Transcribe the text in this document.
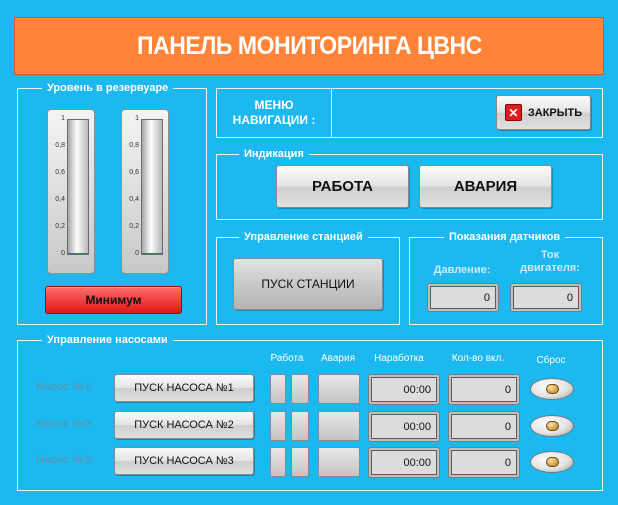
ПАНЕЛЬ МОНИТОРИНГА ЦВНС
Уровень в резервуаре
1
0,8
0,6
0,4
0,2
0
1
0,8
0,6
0,4
0,2
0
Минимум
МЕНЮ
НАВИГАЦИИ :
✕ ЗАКРЫТЬ
Индикация
РАБОТА	АВАРИЯ
Управление станцией
ПУСК СТАНЦИИ
Показания датчиков
Давление:
Ток
двигателя:
0	0
Управление насосами
Работа	Авария	Наработка	Кол-во вкл.	Сброс
Насос №1:	ПУСК НАСОСА №1	00:00	0
Насос №2:	ПУСК НАСОСА №2	00:00	0
Насос №3:	ПУСК НАСОСА №3	00:00	0
